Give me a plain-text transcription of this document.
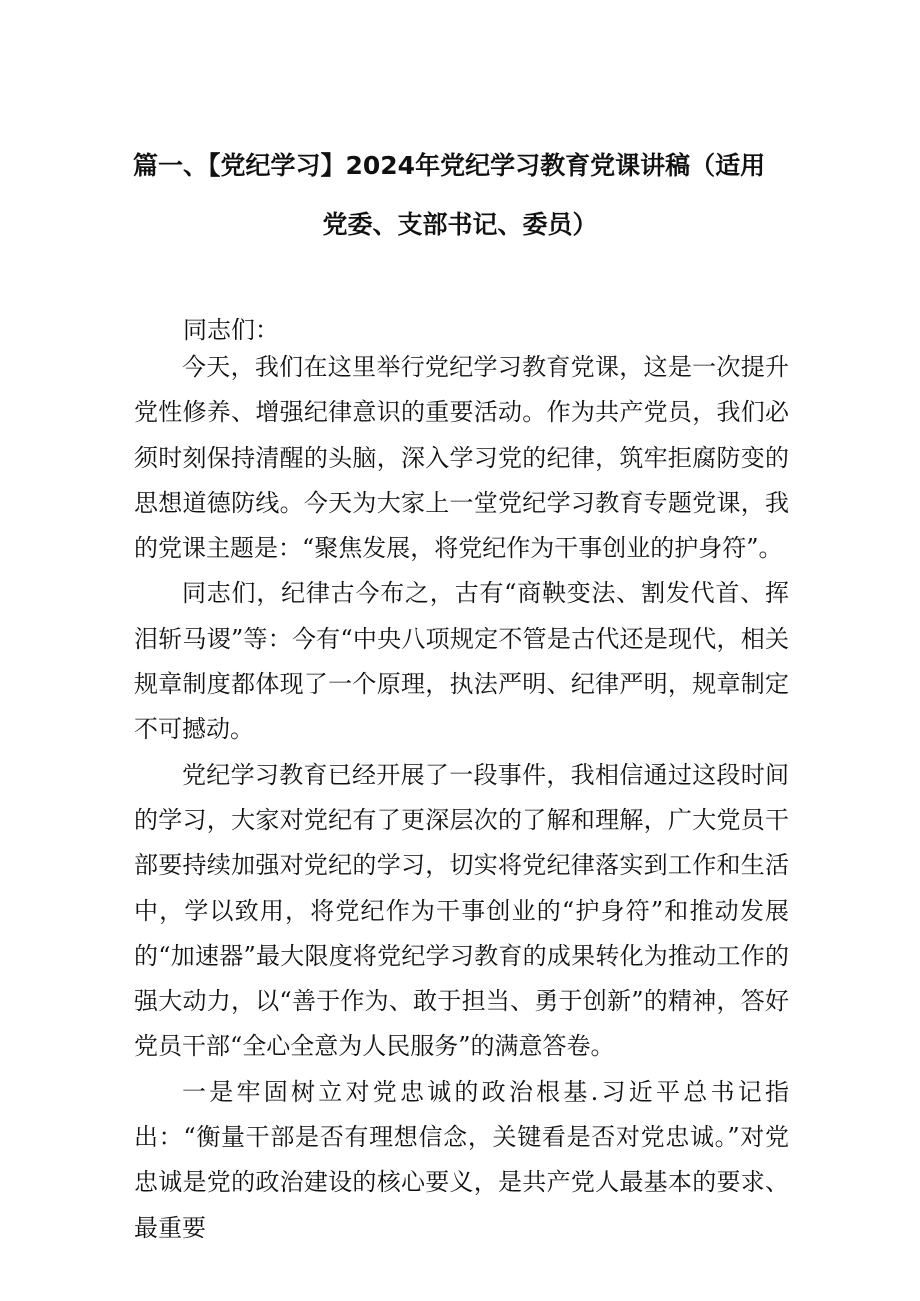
篇一、【党纪学习】2024年党纪学习教育党课讲稿（适用
党委、支部书记、委员）
同志们：

今天，我们在这里举行党纪学习教育党课，这是一次提升党性修养、增强纪律意识的重要活动。作为共产党员，我们必须时刻保持清醒的头脑，深入学习党的纪律，筑牢拒腐防变的思想道德防线。今天为大家上一堂党纪学习教育专题党课，我的党课主题是：“聚焦发展，将党纪作为干事创业的护身符”。

同志们，纪律古今布之，古有“商鞅变法、割发代首、挥泪斩马谡”等：今有“中央八项规定不管是古代还是现代，相关规章制度都体现了一个原理，执法严明、纪律严明，规章制定不可撼动。

党纪学习教育已经开展了一段事件，我相信通过这段时间的学习，大家对党纪有了更深层次的了解和理解，广大党员干部要持续加强对党纪的学习，切实将党纪律落实到工作和生活中，学以致用，将党纪作为干事创业的“护身符”和推动发展的“加速器”最大限度将党纪学习教育的成果转化为推动工作的强大动力，以“善于作为、敢于担当、勇于创新”的精神，答好党员干部“全心全意为人民服务”的满意答卷。

一是牢固树立对党忠诚的政治根基.习近平总书记指出：“衡量干部是否有理想信念，关键看是否对党忠诚。”对党忠诚是党的政治建设的核心要义，是共产党人最基本的要求、最重要
